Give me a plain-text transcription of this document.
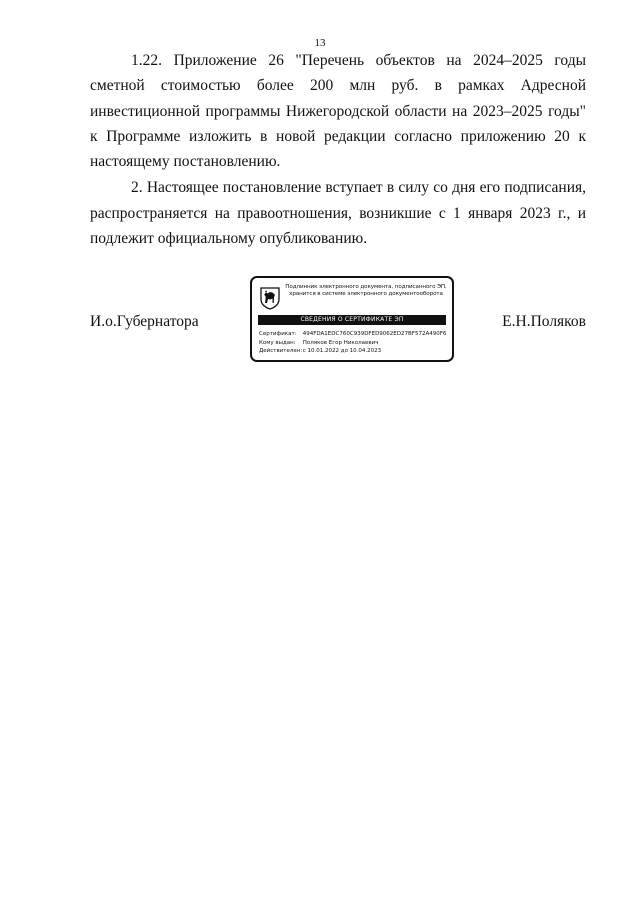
13

1.22. Приложение 26 "Перечень объектов на 2024–2025 годы сметной стоимостью более 200 млн руб. в рамках Адресной инвестиционной программы Нижегородской области на 2023–2025 годы" к Программе изложить в новой редакции согласно приложению 20 к настоящему постановлению.

2. Настоящее постановление вступает в силу со дня его подписания, распространяется на правоотношения, возникшие с 1 января 2023 г., и подлежит официальному опубликованию.

И.о.Губернатора
Подлинник электронного документа, подписанного ЭП, хранится в системе электронного документооборота
СВЕДЕНИЯ О СЕРТИФИКАТЕ ЭП
Сертификат: 494FDA1EDC760C939DFED9062ED27BF572A490F6
Кому выдан: Поляков Егор Николаевич
Действителен: с 10.01.2022 до 10.04.2023
Е.Н.Поляков
